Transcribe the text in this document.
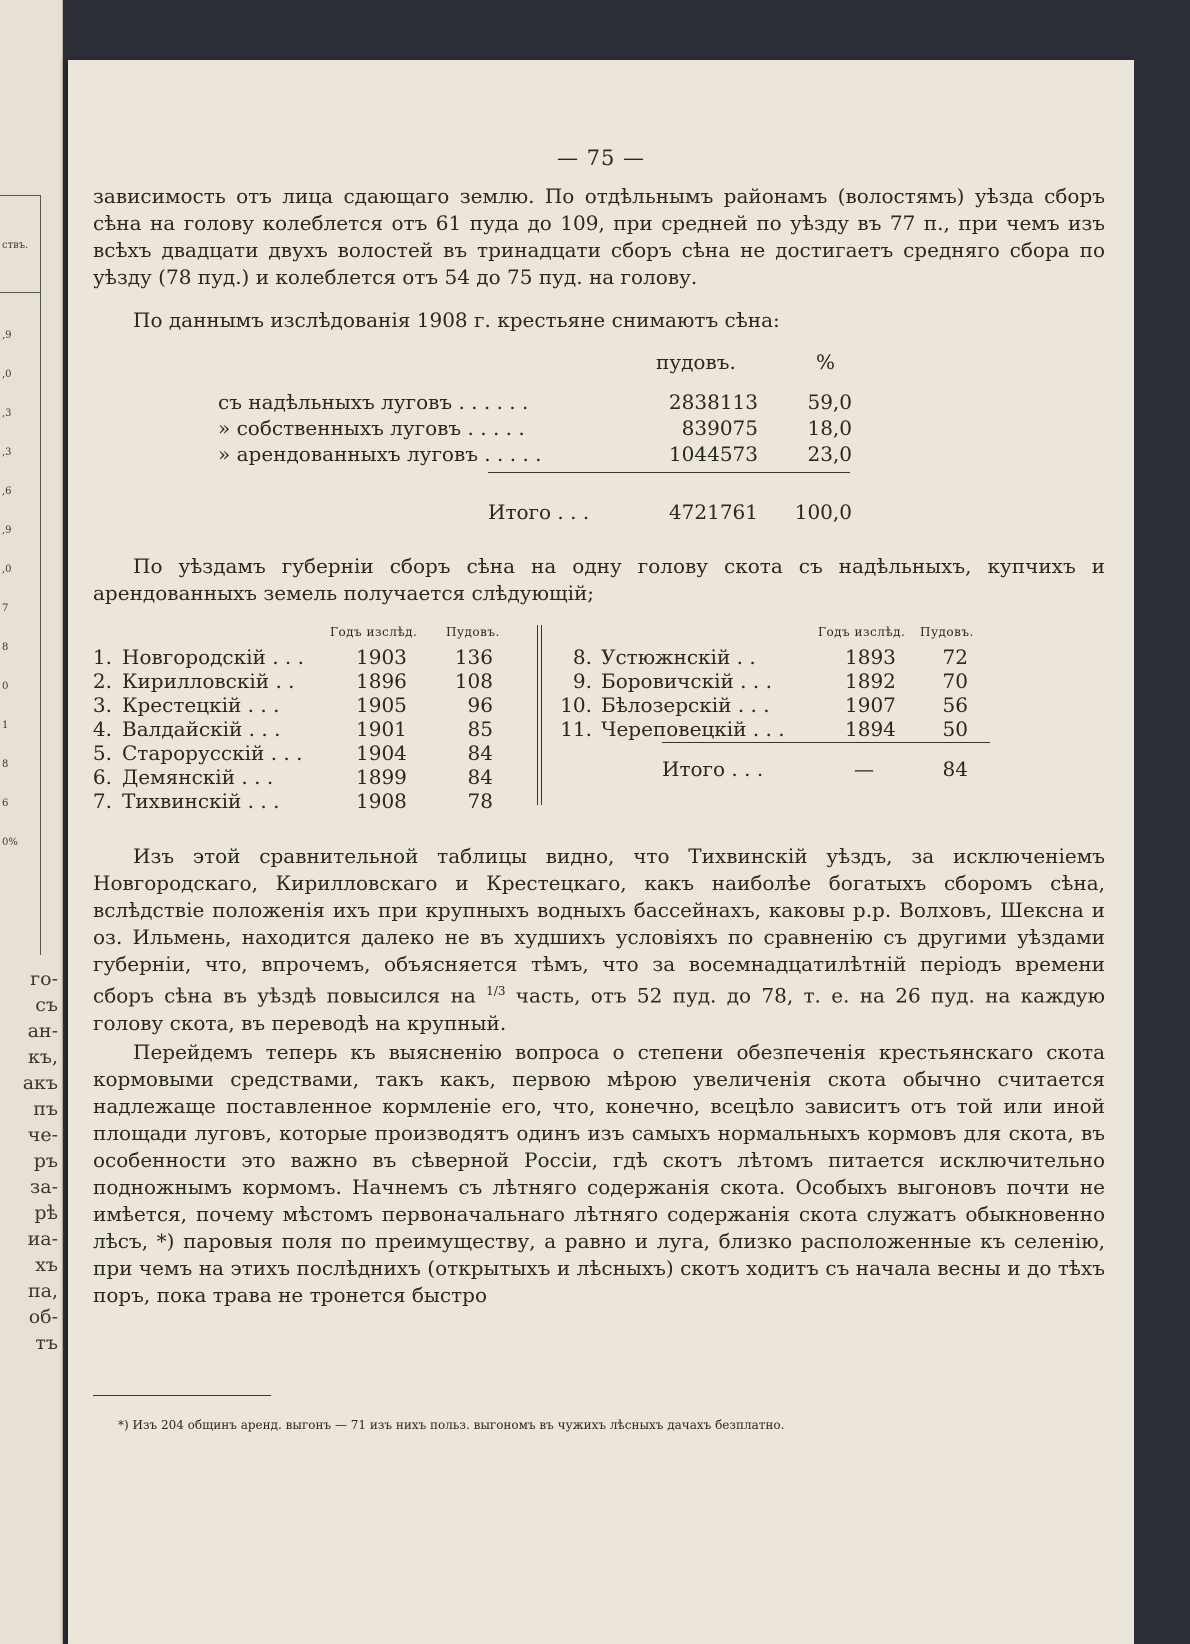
ствъ.
,9
,0
,3
,3
,6
,9
,0
7
8
0
1
8
6
0%
го-
съ
ан-
къ,
акъ
пъ
че-
ръ
за-
рѣ
иа-
хъ
па,
об-
тъ
— 75 —

зависимость отъ лица сдающаго землю. По отдѣльнымъ районамъ (волостямъ) уѣзда сборъ сѣна на голову колеблется отъ 61 пуда до 109, при средней по уѣзду въ 77 п., при чемъ изъ всѣхъ двадцати двухъ волостей въ тринадцати сборъ сѣна не достигаетъ средняго сбора по уѣзду (78 пуд.) и колеблется отъ 54 до 75 пуд. на голову.

По даннымъ изслѣдованія 1908 г. крестьяне снимаютъ сѣна:

пудовъ.	%
съ надѣльныхъ луговъ . . . . . .	2838113	59,0
» собственныхъ луговъ . . . . .	839075	18,0
» арендованныхъ луговъ . . . . .	1044573	23,0
Итого . . .	4721761	100,0

По уѣздамъ губерніи сборъ сѣна на одну голову скота съ надѣльныхъ, купчихъ и арендованныхъ земель получается слѣдующій;

Годъ изслѣд. Пудовъ.	Годъ изслѣд. Пудовъ.
1. Новгородскій . . .	1903	136
2. Кирилловскій . .	1896	108
3. Крестецкій . . .	1905	96
4. Валдайскій . . .	1901	85
5. Старорусскій . . .	1904	84
6. Демянскій . . .	1899	84
7. Тихвинскій . . .	1908	78
8. Устюжнскій . .	1893	72
9. Боровичскій . . .	1892	70
10. Бѣлозерскій . . .	1907	56
11. Череповецкій . . .	1894	50
Итого . . .	—	84

Изъ этой сравнительной таблицы видно, что Тихвинскій уѣздъ, за исключеніемъ Новгородскаго, Кирилловскаго и Крестецкаго, какъ наиболѣе богатыхъ сборомъ сѣна, вслѣдствіе положенія ихъ при крупныхъ водныхъ бассейнахъ, каковы р.р. Волховъ, Шексна и оз. Ильмень, находится далеко не въ худшихъ условіяхъ по сравненію съ другими уѣздами губерніи, что, впрочемъ, объясняется тѣмъ, что за восемнадцатилѣтній періодъ времени сборъ сѣна въ уѣздѣ повысился на $^{1/3}$ часть, отъ 52 пуд. до 78, т. е. на 26 пуд. на каждую голову скота, въ переводѣ на крупный.

Перейдемъ теперь къ выясненію вопроса о степени обезпеченія крестьянскаго скота кормовыми средствами, такъ какъ, первою мѣрою увеличенія скота обычно считается надлежаще поставленное кормленіе его, что, конечно, всецѣло зависитъ отъ той или иной площади луговъ, которые производятъ одинъ изъ самыхъ нормальныхъ кормовъ для скота, въ особенности это важно въ сѣверной Россіи, гдѣ скотъ лѣтомъ питается исключительно подножнымъ кормомъ. Начнемъ съ лѣтняго содержанія скота. Особыхъ выгоновъ почти не имѣется, почему мѣстомъ первоначальнаго лѣтняго содержанія скота служатъ обыкновенно лѣсъ, *) паровыя поля по преимуществу, а равно и луга, близко расположенные къ селенію, при чемъ на этихъ послѣднихъ (открытыхъ и лѣсныхъ) скотъ ходитъ съ начала весны и до тѣхъ поръ, пока трава не тронется быстро

*) Изъ 204 общинъ аренд. выгонъ — 71 изъ нихъ польз. выгономъ въ чужихъ лѣсныхъ дачахъ безплатно.
